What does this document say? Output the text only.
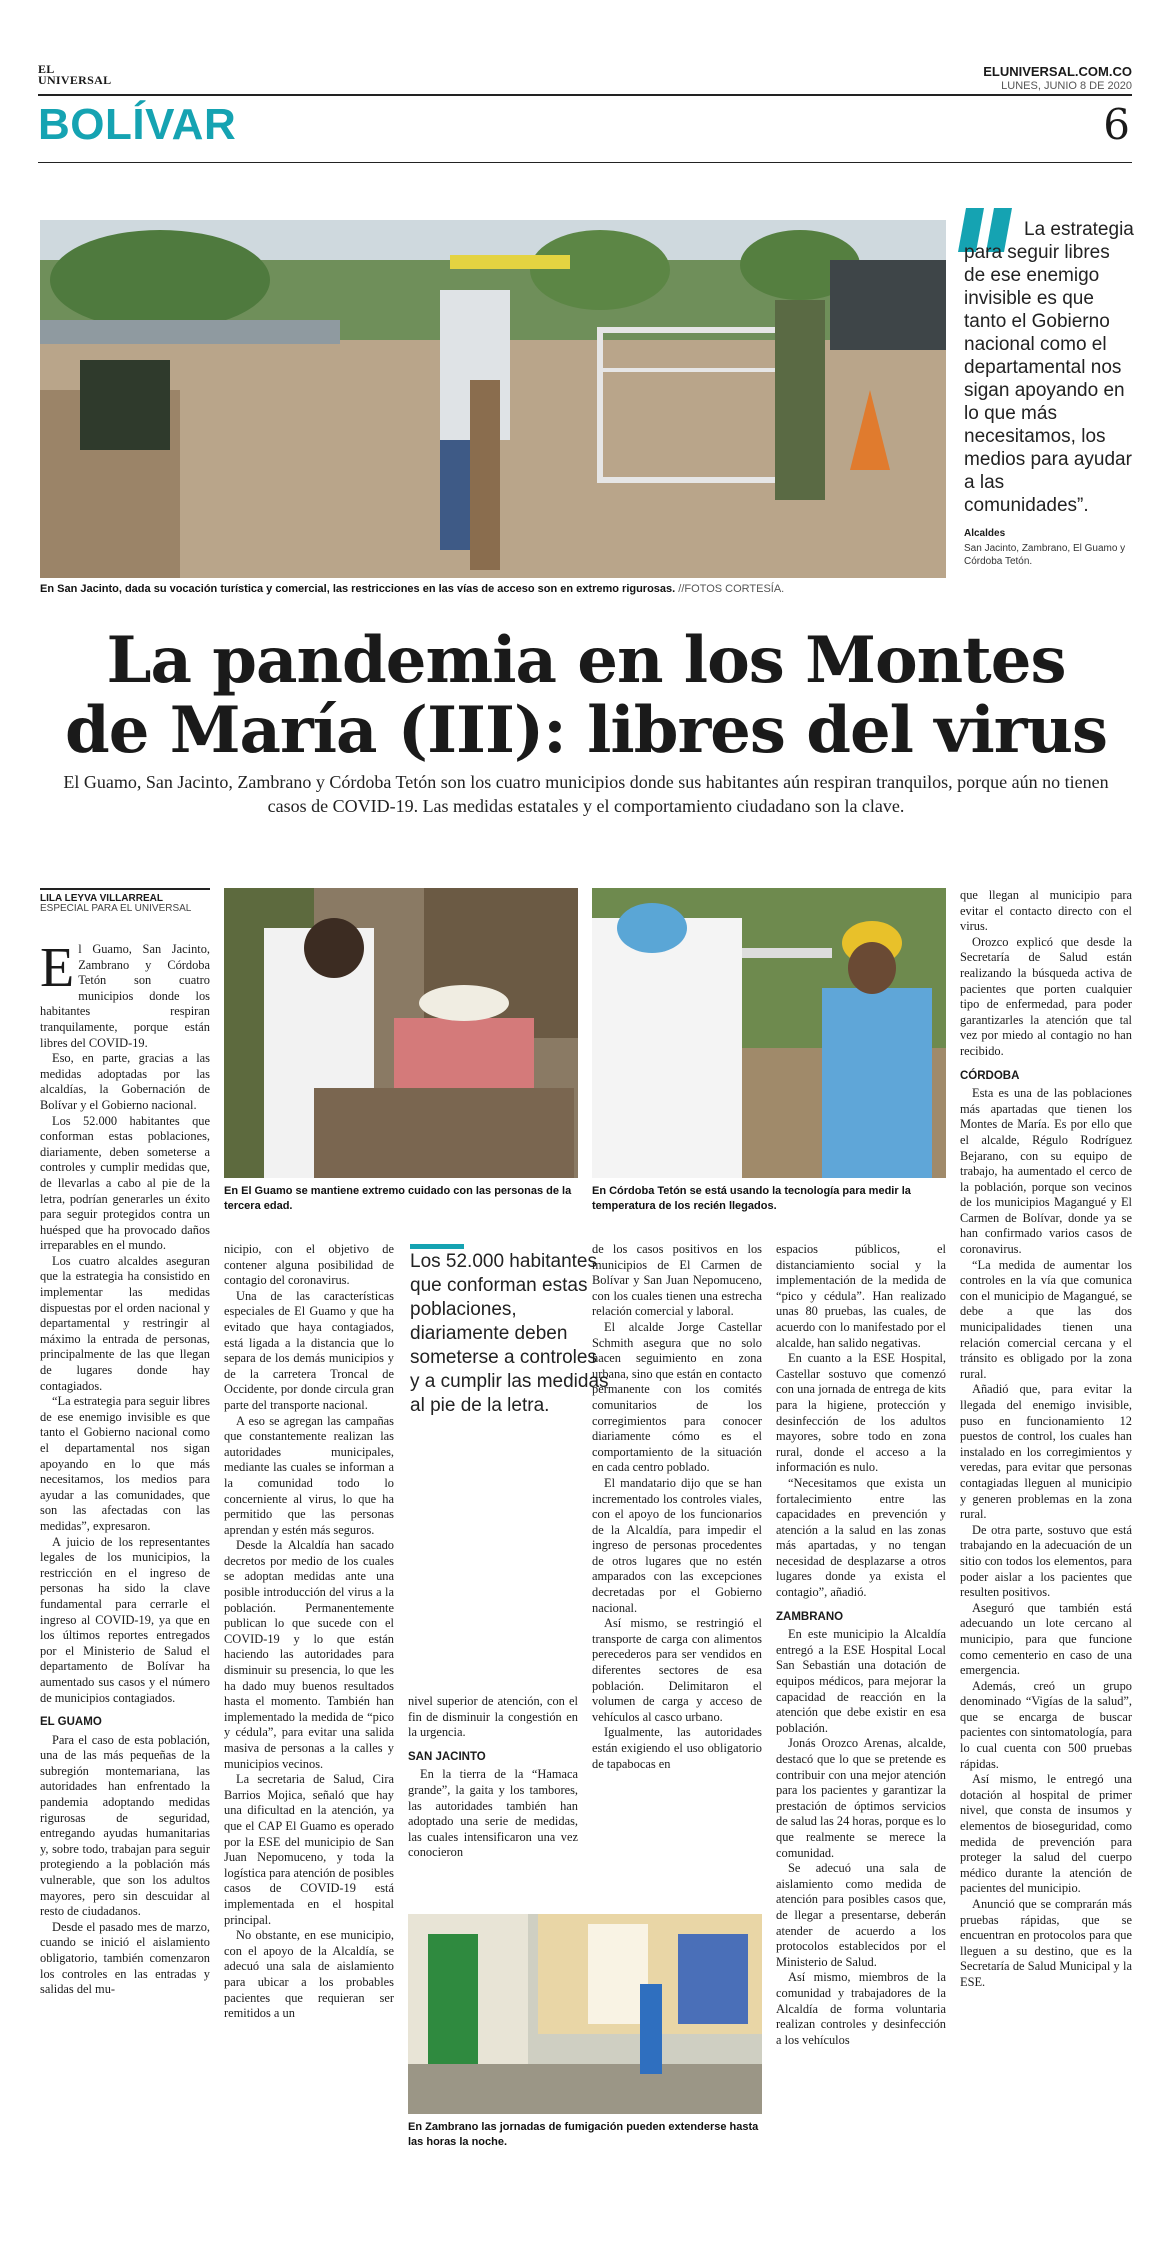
EL
UNIVERSAL
ELUNIVERSAL.COM.CO
LUNES, JUNIO 8 DE 2020
BOLÍVAR	6
En San Jacinto, dada su vocación turística y comercial, las restricciones en las vías de acceso son en extremo rigurosas. //FOTOS CORTESÍA.
La estrategia para seguir libres de ese enemigo invisible es que tanto el Gobierno nacional como el departamental nos sigan apoyando en lo que más necesitamos, los medios para ayudar a las comunidades”.
Alcaldes
San Jacinto, Zambrano, El Guamo y Córdoba Tetón.
La pandemia en los Montes
de María (III): libres del virus
El Guamo, San Jacinto, Zambrano y Córdoba Tetón son los cuatro municipios donde sus habitantes aún respiran tranquilos, porque aún no tienen casos de COVID-19. Las medidas estatales y el comportamiento ciudadano son la clave.
LILA LEYVA VILLARREAL
ESPECIAL PARA EL UNIVERSAL

El Guamo, San Jacinto, Zambrano y Córdoba Tetón son cuatro municipios donde los habitantes respiran tranquilamente, porque están libres del COVID-19.

Eso, en parte, gracias a las medidas adoptadas por las alcaldías, la Gobernación de Bolívar y el Gobierno nacional.

Los 52.000 habitantes que conforman estas poblaciones, diariamente, deben someterse a controles y cumplir medidas que, de llevarlas a cabo al pie de la letra, podrían generarles un éxito para seguir protegidos contra un huésped que ha provocado daños irreparables en el mundo.

Los cuatro alcaldes aseguran que la estrategia ha consistido en implementar las medidas dispuestas por el orden nacional y departamental y restringir al máximo la entrada de personas, principalmente de las que llegan de lugares donde hay contagiados.

“La estrategia para seguir libres de ese enemigo invisible es que tanto el Gobierno nacional como el departamental nos sigan apoyando en lo que más necesitamos, los medios para ayudar a las comunidades, que son las afectadas con las medidas”, expresaron.

A juicio de los representantes legales de los municipios, la restricción en el ingreso de personas ha sido la clave fundamental para cerrarle el ingreso al COVID-19, ya que en los últimos reportes entregados por el Ministerio de Salud el departamento de Bolívar ha aumentado sus casos y el número de municipios contagiados.

EL GUAMO

Para el caso de esta población, una de las más pequeñas de la subregión montemariana, las autoridades han enfrentado la pandemia adoptando medidas rigurosas de seguridad, entregando ayudas humanitarias y, sobre todo, trabajan para seguir protegiendo a la población más vulnerable, que son los adultos mayores, pero sin descuidar al resto de ciudadanos.

Desde el pasado mes de marzo, cuando se inició el aislamiento obligatorio, también comenzaron los controles en las entradas y salidas del mu-

En El Guamo se mantiene extremo cuidado con las personas de la tercera edad.
En Córdoba Tetón se está usando la tecnología para medir la temperatura de los recién llegados.

nicipio, con el objetivo de contener alguna posibilidad de contagio del coronavirus.

Una de las características especiales de El Guamo y que ha evitado que haya contagiados, está ligada a la distancia que lo separa de los demás municipios y de la carretera Troncal de Occidente, por donde circula gran parte del transporte nacional.

A eso se agregan las campañas que constantemente realizan las autoridades municipales, mediante las cuales se informan a la comunidad todo lo concerniente al virus, lo que ha permitido que las personas aprendan y estén más seguros.

Desde la Alcaldía han sacado decretos por medio de los cuales se adoptan medidas ante una posible introducción del virus a la población. Permanentemente publican lo que sucede con el COVID-19 y lo que están haciendo las autoridades para disminuir su presencia, lo que les ha dado muy buenos resultados hasta el momento. También han implementado la medida de “pico y cédula”, para evitar una salida masiva de personas a la calles y municipios vecinos.

La secretaria de Salud, Cira Barrios Mojica, señaló que hay una dificultad en la atención, ya que el CAP El Guamo es operado por la ESE del municipio de San Juan Nepomuceno, y toda la logística para atención de posibles casos de COVID-19 está implementada en el hospital principal.

No obstante, en ese municipio, con el apoyo de la Alcaldía, se adecuó una sala de aislamiento para ubicar a los probables pacientes que requieran ser remitidos a un

Los 52.000 habitantes que conforman estas poblaciones, diariamente deben someterse a controles y a cumplir las medidas al pie de la letra.

nivel superior de atención, con el fin de disminuir la congestión en la urgencia.

SAN JACINTO

En la tierra de la “Hamaca grande”, la gaita y los tambores, las autoridades también han adoptado una serie de medidas, las cuales intensificaron una vez conocieron

de los casos positivos en los municipios de El Carmen de Bolívar y San Juan Nepomuceno, con los cuales tienen una estrecha relación comercial y laboral.

El alcalde Jorge Castellar Schmith asegura que no solo hacen seguimiento en zona urbana, sino que están en contacto permanente con los comités comunitarios de los corregimientos para conocer diariamente cómo es el comportamiento de la situación en cada centro poblado.

El mandatario dijo que se han incrementado los controles viales, con el apoyo de los funcionarios de la Alcaldía, para impedir el ingreso de personas procedentes de otros lugares que no estén amparados con las excepciones decretadas por el Gobierno nacional.

Así mismo, se restringió el transporte de carga con alimentos perecederos para ser vendidos en diferentes sectores de esa población. Delimitaron el volumen de carga y acceso de vehículos al casco urbano.

Igualmente, las autoridades están exigiendo el uso obligatorio de tapabocas en

espacios públicos, el distanciamiento social y la implementación de la medida de “pico y cédula”. Han realizado unas 80 pruebas, las cuales, de acuerdo con lo manifestado por el alcalde, han salido negativas.

En cuanto a la ESE Hospital, Castellar sostuvo que comenzó con una jornada de entrega de kits para la higiene, protección y desinfección de los adultos mayores, sobre todo en zona rural, donde el acceso a la información es nulo.

“Necesitamos que exista un fortalecimiento entre las capacidades en prevención y atención a la salud en las zonas más apartadas, y no tengan necesidad de desplazarse a otros lugares donde ya exista el contagio”, añadió.

ZAMBRANO

En este municipio la Alcaldía entregó a la ESE Hospital Local San Sebastián una dotación de equipos médicos, para mejorar la capacidad de reacción en la atención que debe existir en esa población.

Jonás Orozco Arenas, alcalde, destacó que lo que se pretende es contribuir con una mejor atención para los pacientes y garantizar la prestación de óptimos servicios de salud las 24 horas, porque es lo que realmente se merece la comunidad.

Se adecuó una sala de aislamiento como medida de atención para posibles casos que, de llegar a presentarse, deberán atender de acuerdo a los protocolos establecidos por el Ministerio de Salud.

Así mismo, miembros de la comunidad y trabajadores de la Alcaldía de forma voluntaria realizan controles y desinfección a los vehículos

En Zambrano las jornadas de fumigación pueden extenderse hasta las horas la noche.

que llegan al municipio para evitar el contacto directo con el virus.

Orozco explicó que desde la Secretaría de Salud están realizando la búsqueda activa de pacientes que porten cualquier tipo de enfermedad, para poder garantizarles la atención que tal vez por miedo al contagio no han recibido.

CÓRDOBA

Esta es una de las poblaciones más apartadas que tienen los Montes de María. Es por ello que el alcalde, Régulo Rodríguez Bejarano, con su equipo de trabajo, ha aumentado el cerco de la población, porque son vecinos de los municipios Magangué y El Carmen de Bolívar, donde ya se han confirmado varios casos de coronavirus.

“La medida de aumentar los controles en la vía que comunica con el municipio de Magangué, se debe a que las dos municipalidades tienen una relación comercial cercana y el tránsito es obligado por la zona rural.

Añadió que, para evitar la llegada del enemigo invisible, puso en funcionamiento 12 puestos de control, los cuales han instalado en los corregimientos y veredas, para evitar que personas contagiadas lleguen al municipio y generen problemas en la zona rural.

De otra parte, sostuvo que está trabajando en la adecuación de un sitio con todos los elementos, para poder aislar a los pacientes que resulten positivos.

Aseguró que también está adecuando un lote cercano al municipio, para que funcione como cementerio en caso de una emergencia.

Además, creó un grupo denominado “Vigías de la salud”, que se encarga de buscar pacientes con sintomatología, para lo cual cuenta con 500 pruebas rápidas.

Así mismo, le entregó una dotación al hospital de primer nivel, que consta de insumos y elementos de bioseguridad, como medida de prevención para proteger la salud del cuerpo médico durante la atención de pacientes del municipio.

Anunció que se comprarán más pruebas rápidas, que se encuentran en protocolos para que lleguen a su destino, que es la Secretaría de Salud Municipal y la ESE.
